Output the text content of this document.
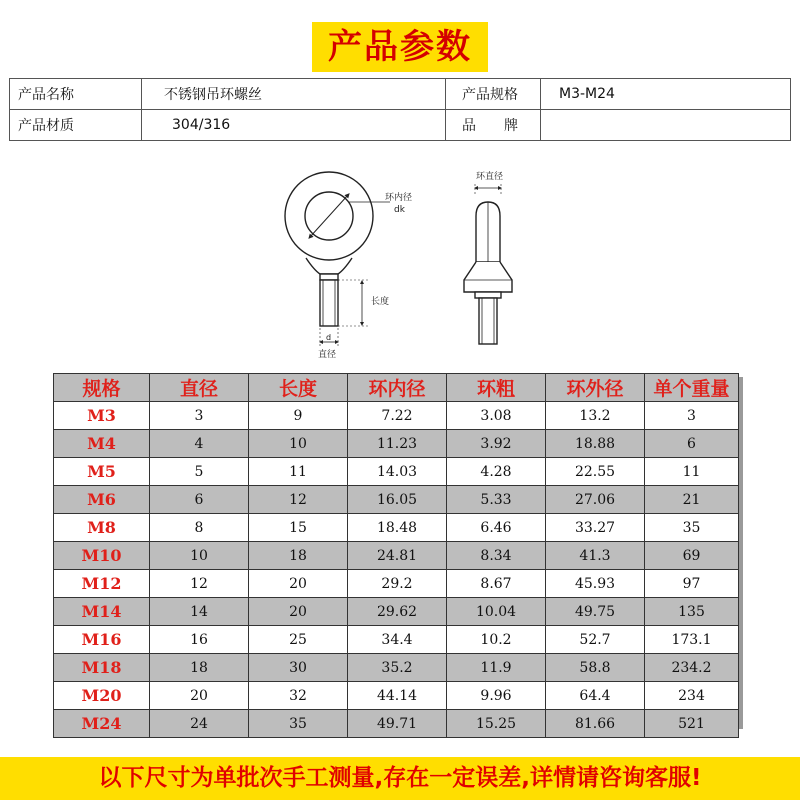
产品参数
产品名称	不锈钢吊环螺丝	产品规格	M3-M24
产品材质	304/316	品　　牌	
环内径
dk
长度
d
直径
环直径
规格	直径	长度	环内径	环粗	环外径	单个重量
M3	3	9	7.22	3.08	13.2	3
M4	4	10	11.23	3.92	18.88	6
M5	5	11	14.03	4.28	22.55	11
M6	6	12	16.05	5.33	27.06	21
M8	8	15	18.48	6.46	33.27	35
M10	10	18	24.81	8.34	41.3	69
M12	12	20	29.2	8.67	45.93	97
M14	14	20	29.62	10.04	49.75	135
M16	16	25	34.4	10.2	52.7	173.1
M18	18	30	35.2	11.9	58.8	234.2
M20	20	32	44.14	9.96	64.4	234
M24	24	35	49.71	15.25	81.66	521
以下尺寸为单批次手工测量,存在一定误差,详情请咨询客服!
